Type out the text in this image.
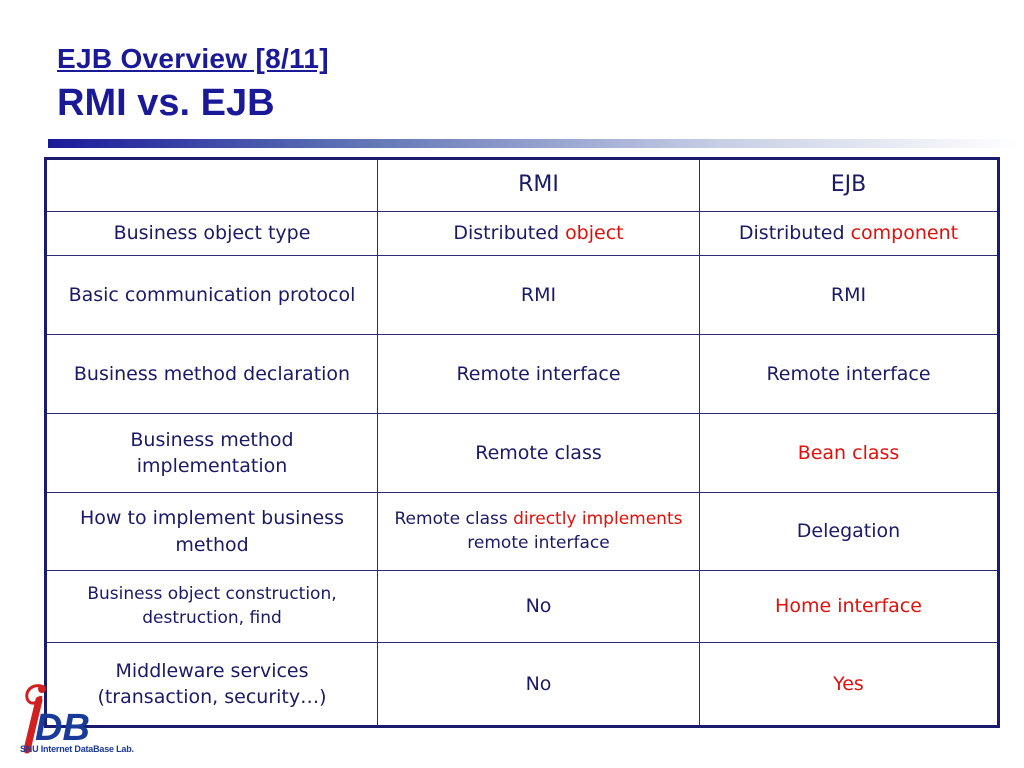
EJB Overview [8/11]
RMI vs. EJB
	RMI	EJB
Business object type	Distributed object	Distributed component
Basic communication protocol	RMI	RMI
Business method declaration	Remote interface	Remote interface
Business method implementation	Remote class	Bean class
How to implement business method	Remote class directly implements remote interface	Delegation
Business object construction, destruction, find	No	Home interface
Middleware services (transaction, security…)	No	Yes
DB
SNU Internet DataBase Lab.
